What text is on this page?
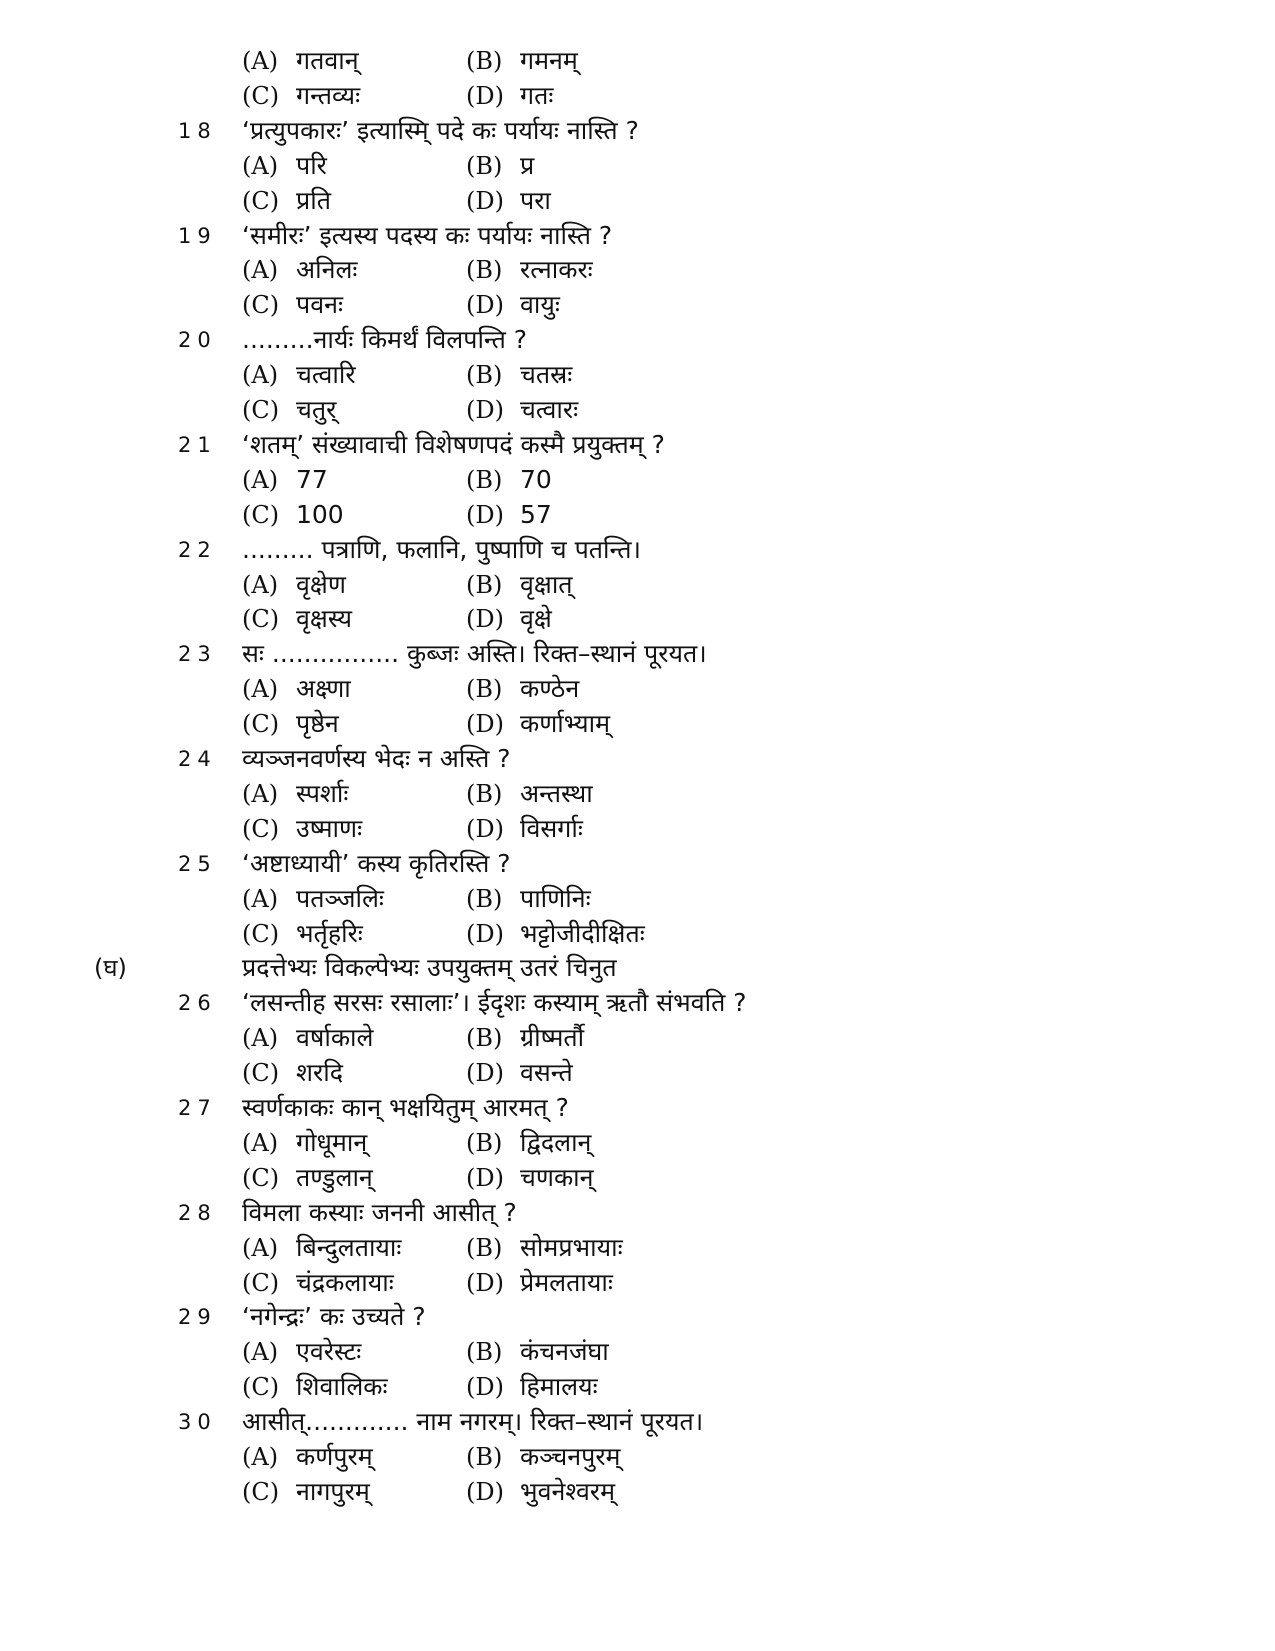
(A) गतवान्	(B) गमनम्
(C) गन्तव्यः	(D) गतः
18 ‘प्रत्युपकारः’ इत्यास्मि् पदे कः पर्यायः नास्ति ?
(A) परि	(B) प्र
(C) प्रति	(D) परा
19 ‘समीरः’ इत्यस्य पदस्य कः पर्यायः नास्ति ?
(A) अनिलः	(B) रत्नाकरः
(C) पवनः	(D) वायुः
20 .........नार्यः किमर्थं विलपन्ति ?
(A) चत्वारि	(B) चतस्रः
(C) चतुर्	(D) चत्वारः
21 ‘शतम्’ संख्यावाची विशेषणपदं कस्मै प्रयुक्तम् ?
(A) 77	(B) 70
(C) 100	(D) 57
22 ......... पत्राणि, फलानि, पुष्पाणि च पतन्ति।
(A) वृक्षेण	(B) वृक्षात्
(C) वृक्षस्य	(D) वृक्षे
23 सः ................ कुब्जः अस्ति। रिक्त–स्थानं पूरयत।
(A) अक्ष्णा	(B) कण्ठेन
(C) पृष्ठेन	(D) कर्णाभ्याम्
24 व्यञ्जनवर्णस्य भेदः न अस्ति ?
(A) स्पर्शाः	(B) अन्तस्था
(C) उष्माणः	(D) विसर्गाः
25 ‘अष्टाध्यायी’ कस्य कृतिरस्ति ?
(A) पतञ्जलिः	(B) पाणिनिः
(C) भर्तृहरिः	(D) भट्टोजीदीक्षितः
(घ)	प्रदत्तेभ्यः विकल्पेभ्यः उपयुक्तम् उतरं चिनुत
26 ‘लसन्तीह सरसः रसालाः’। ईदृशः कस्याम् ऋतौ संभवति ?
(A) वर्षाकाले	(B) ग्रीष्मर्तौ
(C) शरदि	(D) वसन्ते
27 स्वर्णकाकः कान् भक्षयितुम् आरमत् ?
(A) गोधूमान्	(B) द्विदलान्
(C) तण्डुलान्	(D) चणकान्
28 विमला कस्याः जननी आसीत् ?
(A) बिन्दुलतायाः	(B) सोमप्रभायाः
(C) चंद्रकलायाः	(D) प्रेमलतायाः
29 ‘नगेन्द्रः’ कः उच्यते ?
(A) एवरेस्टः	(B) कंचनजंघा
(C) शिवालिकः	(D) हिमालयः
30 आसीत्............. नाम नगरम्। रिक्त–स्थानं पूरयत।
(A) कर्णपुरम्	(B) कञ्चनपुरम्
(C) नागपुरम्	(D) भुवनेश्वरम्
